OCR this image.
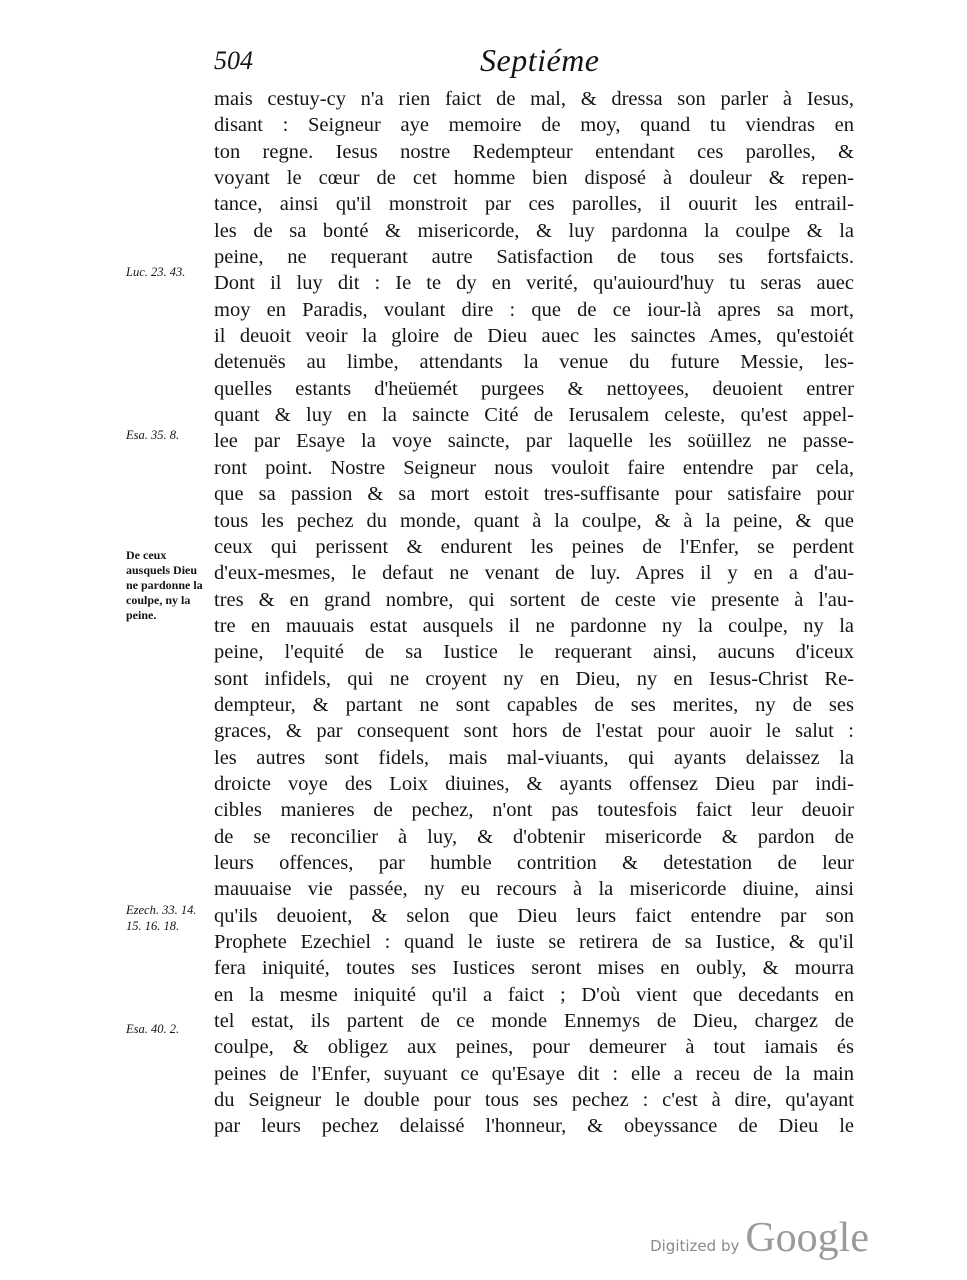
504	Septiéme
mais cestuy-cy n'a rien faict de mal, & dressa son parler à Iesus,
disant : Seigneur aye memoire de moy, quand tu viendras en
ton regne. Iesus nostre Redempteur entendant ces parolles, &
voyant le cœur de cet homme bien disposé à douleur & repen-
tance, ainsi qu'il monstroit par ces parolles, il ouurit les entrail-
les de sa bonté & misericorde, & luy pardonna la coulpe & la
peine, ne requerant autre Satisfaction de tous ses fortsfaicts.
Dont il luy dit : Ie te dy en verité, qu'auiourd'huy tu seras auec
moy en Paradis, voulant dire : que de ce iour-là apres sa mort,
il deuoit veoir la gloire de Dieu auec les sainctes Ames, qu'estoiét
detenuës au limbe, attendants la venue du future Messie, les-
quelles estants d'heüemét purgees & nettoyees, deuoient entrer
quant & luy en la saincte Cité de Ierusalem celeste, qu'est appel-
lee par Esaye la voye saincte, par laquelle les soüillez ne passe-
ront point. Nostre Seigneur nous vouloit faire entendre par cela,
que sa passion & sa mort estoit tres-suffisante pour satisfaire pour
tous les pechez du monde, quant à la coulpe, & à la peine, & que
ceux qui perissent & endurent les peines de l'Enfer, se perdent
d'eux-mesmes, le defaut ne venant de luy. Apres il y en a d'au-
tres & en grand nombre, qui sortent de ceste vie presente à l'au-
tre en mauuais estat ausquels il ne pardonne ny la coulpe, ny la
peine, l'equité de sa Iustice le requerant ainsi, aucuns d'iceux
sont infidels, qui ne croyent ny en Dieu, ny en Iesus-Christ Re-
dempteur, & partant ne sont capables de ses merites, ny de ses
graces, & par consequent sont hors de l'estat pour auoir le salut :
les autres sont fidels, mais mal-viuants, qui ayants delaissez la
droicte voye des Loix diuines, & ayants offensez Dieu par indi-
cibles manieres de pechez, n'ont pas toutesfois faict leur deuoir
de se reconcilier à luy, & d'obtenir misericorde & pardon de
leurs offences, par humble contrition & detestation de leur
mauuaise vie passée, ny eu recours à la misericorde diuine, ainsi
qu'ils deuoient, & selon que Dieu leurs faict entendre par son
Prophete Ezechiel : quand le iuste se retirera de sa Iustice, & qu'il
fera iniquité, toutes ses Iustices seront mises en oubly, & mourra
en la mesme iniquité qu'il a faict ; D'où vient que decedants en
tel estat, ils partent de ce monde Ennemys de Dieu, chargez de
coulpe, & obligez aux peines, pour demeurer à tout iamais és
peines de l'Enfer, suyuant ce qu'Esaye dit : elle a receu de la main
du Seigneur le double pour tous ses pechez : c'est à dire, qu'ayant
par leurs pechez delaissé l'honneur, & obeyssance de Dieu le
Luc. 23. 43.
Esa. 35. 8.
De ceux ausquels Dieu ne pardonne la coulpe, ny la peine.
Ezech. 33. 14. 15. 16. 18.
Esa. 40. 2.
Digitized by Google
